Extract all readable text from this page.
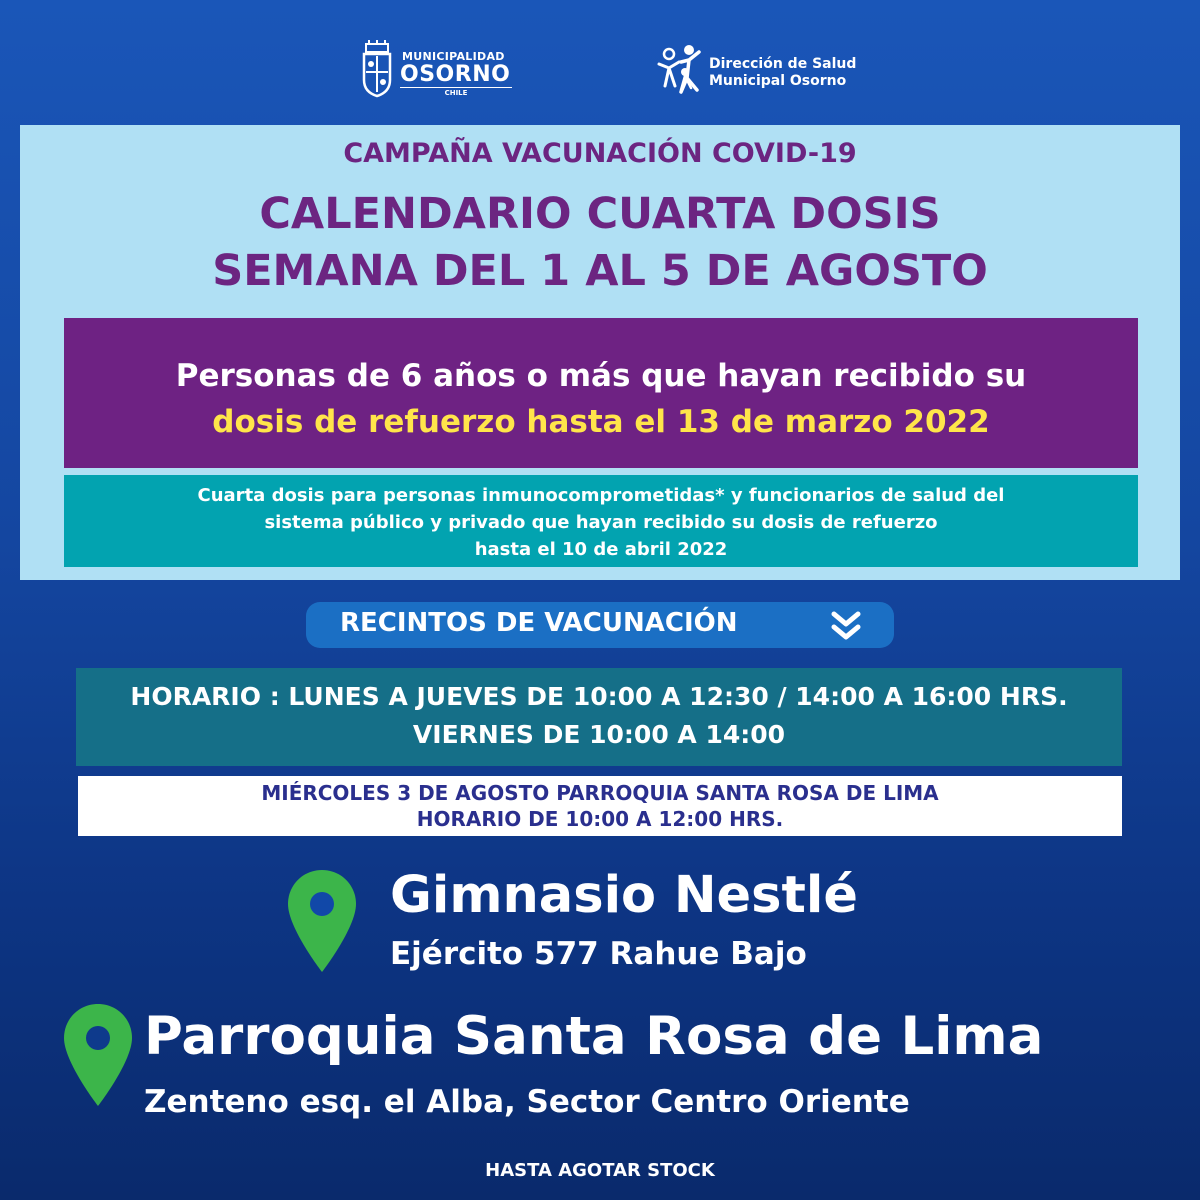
MUNICIPALIDAD
OSORNO
CHILE
Dirección de Salud
Municipal Osorno
CAMPAÑA VACUNACIÓN COVID-19
CALENDARIO CUARTA DOSIS
SEMANA DEL 1 AL 5 DE AGOSTO
Personas de 6 años o más que hayan recibido su
dosis de refuerzo hasta el 13 de marzo 2022
Cuarta dosis para personas inmunocomprometidas* y funcionarios de salud del
sistema público y privado que hayan recibido su dosis de refuerzo
hasta el 10 de abril 2022
RECINTOS DE VACUNACIÓN
HORARIO : LUNES A JUEVES DE 10:00 A 12:30 / 14:00 A 16:00 HRS.
VIERNES DE 10:00 A 14:00
MIÉRCOLES 3 DE AGOSTO PARROQUIA SANTA ROSA DE LIMA
HORARIO DE 10:00 A 12:00 HRS.
Gimnasio Nestlé
Ejército 577 Rahue Bajo
Parroquia Santa Rosa de Lima
Zenteno esq. el Alba, Sector Centro Oriente
HASTA AGOTAR STOCK
